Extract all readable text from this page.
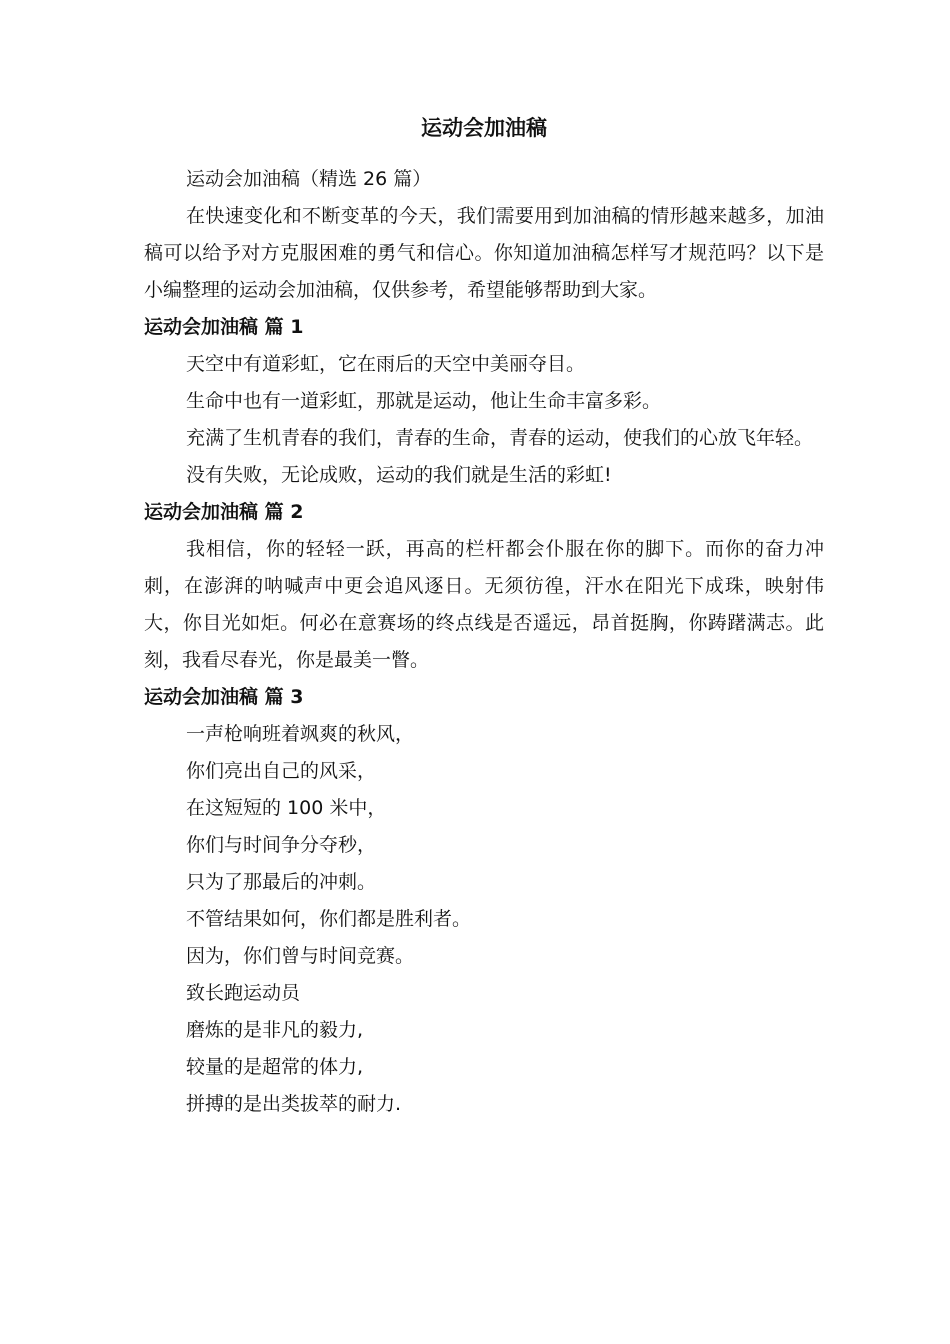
运动会加油稿

运动会加油稿（精选 26 篇）

在快速变化和不断变革的今天，我们需要用到加油稿的情形越来越多，加油稿可以给予对方克服困难的勇气和信心。你知道加油稿怎样写才规范吗？以下是小编整理的运动会加油稿，仅供参考，希望能够帮助到大家。

运动会加油稿 篇 1

天空中有道彩虹，它在雨后的天空中美丽夺目。

生命中也有一道彩虹，那就是运动，他让生命丰富多彩。

充满了生机青春的我们，青春的生命，青春的运动，使我们的心放飞年轻。

没有失败，无论成败，运动的我们就是生活的彩虹!

运动会加油稿 篇 2

我相信，你的轻轻一跃，再高的栏杆都会仆服在你的脚下。而你的奋力冲刺，在澎湃的呐喊声中更会追风逐日。无须彷徨，汗水在阳光下成珠，映射伟大，你目光如炬。何必在意赛场的终点线是否遥远，昂首挺胸，你踌躇满志。此刻，我看尽春光，你是最美一瞥。

运动会加油稿 篇 3

一声枪响班着飒爽的秋风，

你们亮出自己的风采，

在这短短的 100 米中，

你们与时间争分夺秒，

只为了那最后的冲刺。

不管结果如何，你们都是胜利者。

因为，你们曾与时间竞赛。

致长跑运动员

磨炼的是非凡的毅力,

较量的是超常的体力,

拼搏的是出类拔萃的耐力.
